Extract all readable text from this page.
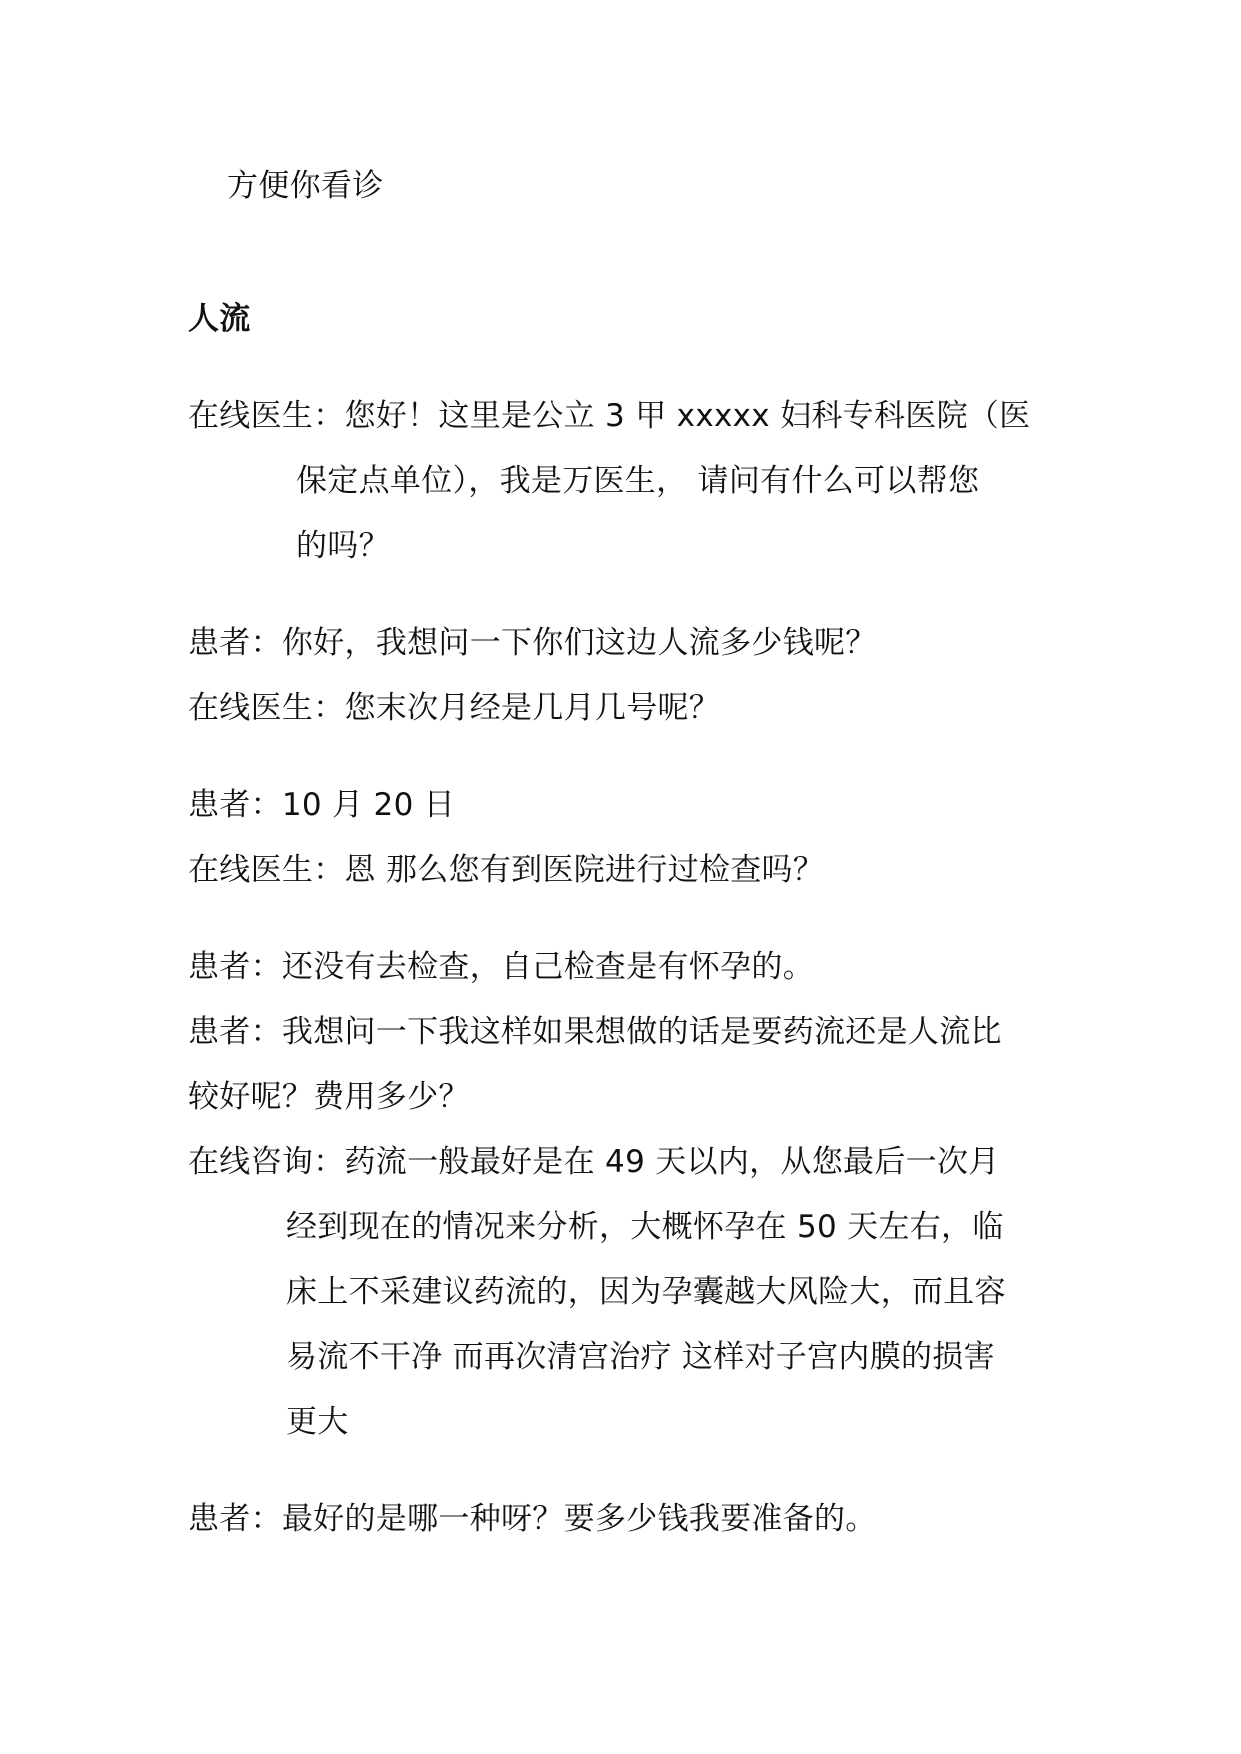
方便你看诊
人流
在线医生：您好！这里是公立 3 甲 xxxxx 妇科专科医院（医
保定点单位），我是万医生， 请问有什么可以帮您
的吗？
患者：你好，我想问一下你们这边人流多少钱呢？
在线医生：您末次月经是几月几号呢？
患者：10 月 20 日
在线医生：恩 那么您有到医院进行过检查吗？
患者：还没有去检查，自己检查是有怀孕的。
患者：我想问一下我这样如果想做的话是要药流还是人流比
较好呢？费用多少？
在线咨询：药流一般最好是在 49 天以内，从您最后一次月
经到现在的情况来分析，大概怀孕在 50 天左右，临
床上不采建议药流的，因为孕囊越大风险大，而且容
易流不干净 而再次清宫治疗 这样对子宫内膜的损害
更大
患者：最好的是哪一种呀？要多少钱我要准备的。
